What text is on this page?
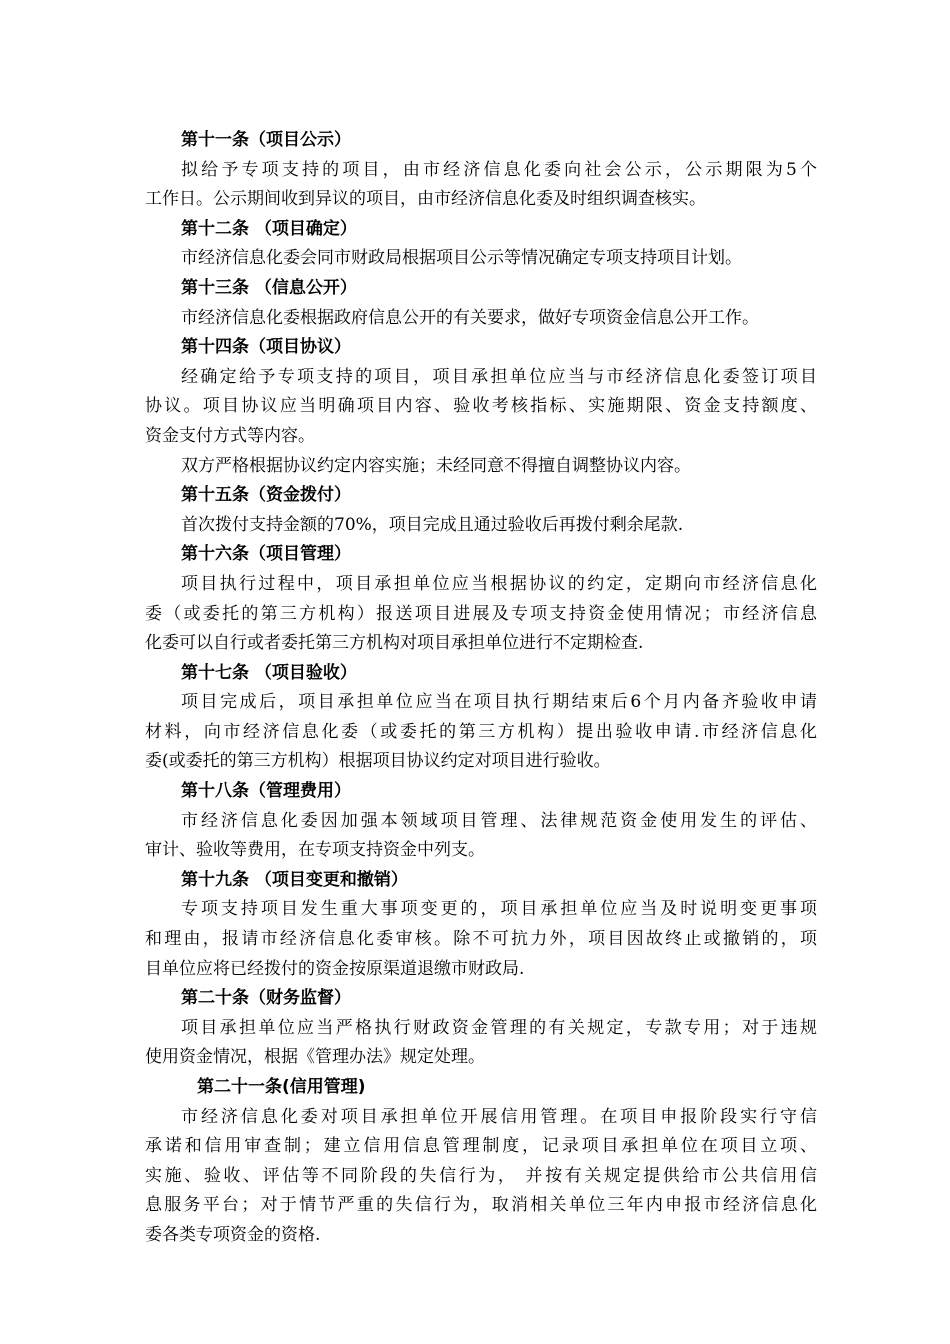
第十一条（项目公示）
拟给予专项支持的项目，由市经济信息化委向社会公示，公示期限为5个
工作日。公示期间收到异议的项目，由市经济信息化委及时组织调查核实。
第十二条 （项目确定）
市经济信息化委会同市财政局根据项目公示等情况确定专项支持项目计划。
第十三条 （信息公开）
市经济信息化委根据政府信息公开的有关要求，做好专项资金信息公开工作。
第十四条（项目协议）
经确定给予专项支持的项目，项目承担单位应当与市经济信息化委签订项目
协议。项目协议应当明确项目内容、验收考核指标、实施期限、资金支持额度、
资金支付方式等内容。
双方严格根据协议约定内容实施；未经同意不得擅自调整协议内容。
第十五条（资金拨付）
首次拨付支持金额的70%，项目完成且通过验收后再拨付剩余尾款.
第十六条（项目管理）
项目执行过程中，项目承担单位应当根据协议的约定，定期向市经济信息化
委（或委托的第三方机构）报送项目进展及专项支持资金使用情况；市经济信息
化委可以自行或者委托第三方机构对项目承担单位进行不定期检查.
第十七条 （项目验收）
项目完成后，项目承担单位应当在项目执行期结束后6个月内备齐验收申请
材料，向市经济信息化委（或委托的第三方机构）提出验收申请.市经济信息化
委(或委托的第三方机构）根据项目协议约定对项目进行验收。
第十八条（管理费用）
市经济信息化委因加强本领域项目管理、法律规范资金使用发生的评估、
审计、验收等费用，在专项支持资金中列支。
第十九条 （项目变更和撤销）
专项支持项目发生重大事项变更的，项目承担单位应当及时说明变更事项
和理由，报请市经济信息化委审核。除不可抗力外，项目因故终止或撤销的，项
目单位应将已经拨付的资金按原渠道退缴市财政局.
第二十条（财务监督）
项目承担单位应当严格执行财政资金管理的有关规定，专款专用；对于违规
使用资金情况，根据《管理办法》规定处理。
第二十一条(信用管理)
市经济信息化委对项目承担单位开展信用管理。在项目申报阶段实行守信
承诺和信用审查制；建立信用信息管理制度，记录项目承担单位在项目立项、
实施、验收、评估等不同阶段的失信行为， 并按有关规定提供给市公共信用信
息服务平台；对于情节严重的失信行为，取消相关单位三年内申报市经济信息化
委各类专项资金的资格.
